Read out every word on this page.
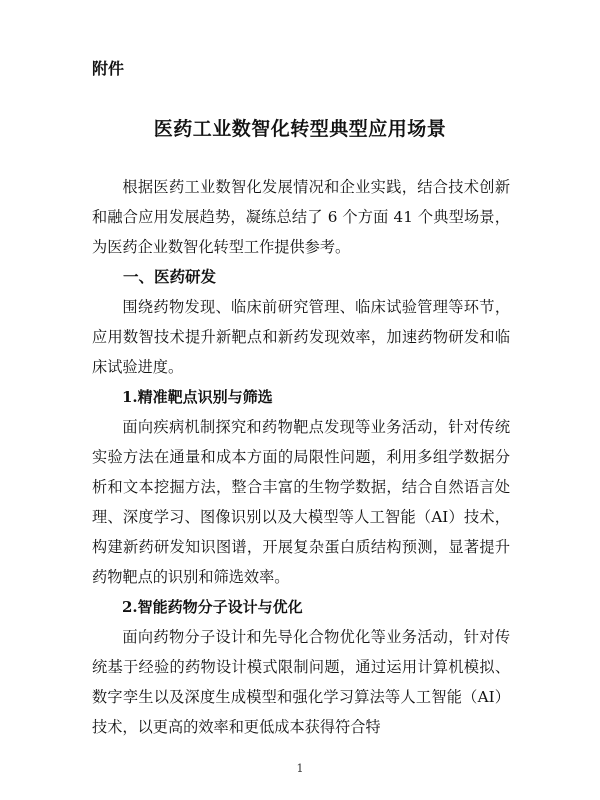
附件
医药工业数智化转型典型应用场景

根据医药工业数智化发展情况和企业实践，结合技术创新和融合应用发展趋势，凝练总结了 6 个方面 41 个典型场景，为医药企业数智化转型工作提供参考。

一、医药研发

围绕药物发现、临床前研究管理、临床试验管理等环节，应用数智技术提升新靶点和新药发现效率，加速药物研发和临床试验进度。

1.精准靶点识别与筛选

面向疾病机制探究和药物靶点发现等业务活动，针对传统实验方法在通量和成本方面的局限性问题，利用多组学数据分析和文本挖掘方法，整合丰富的生物学数据，结合自然语言处理、深度学习、图像识别以及大模型等人工智能（AI）技术，构建新药研发知识图谱，开展复杂蛋白质结构预测，显著提升药物靶点的识别和筛选效率。

2.智能药物分子设计与优化

面向药物分子设计和先导化合物优化等业务活动，针对传统基于经验的药物设计模式限制问题，通过运用计算机模拟、数字孪生以及深度生成模型和强化学习算法等人工智能（AI）技术，以更高的效率和更低成本获得符合特

1
